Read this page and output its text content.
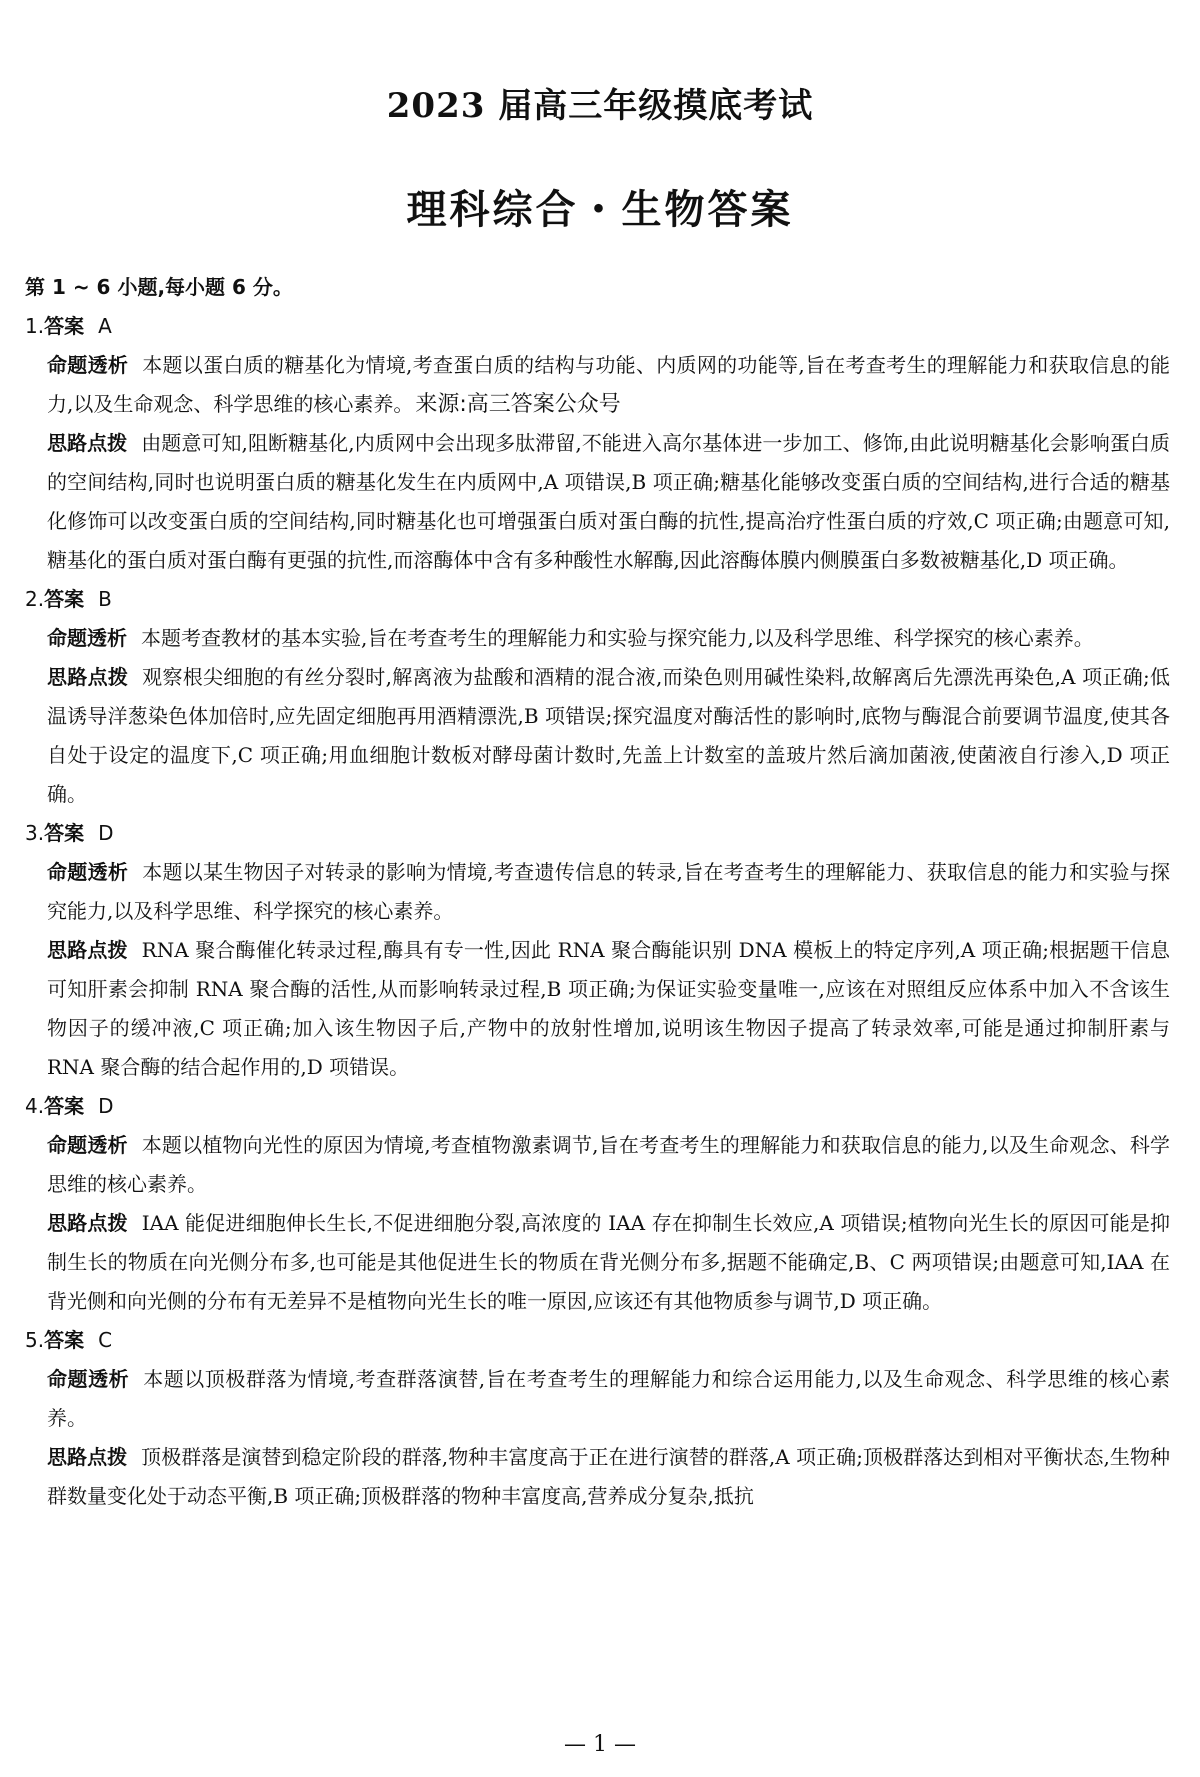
2023 届高三年级摸底考试
理科综合・生物答案
第 1 ~ 6 小题,每小题 6 分。
1.答案 A
命题透析 本题以蛋白质的糖基化为情境,考查蛋白质的结构与功能、内质网的功能等,旨在考查考生的理解能力和获取信息的能力,以及生命观念、科学思维的核心素养。来源:高三答案公众号
思路点拨 由题意可知,阻断糖基化,内质网中会出现多肽滞留,不能进入高尔基体进一步加工、修饰,由此说明糖基化会影响蛋白质的空间结构,同时也说明蛋白质的糖基化发生在内质网中,A 项错误,B 项正确;糖基化能够改变蛋白质的空间结构,进行合适的糖基化修饰可以改变蛋白质的空间结构,同时糖基化也可增强蛋白质对蛋白酶的抗性,提高治疗性蛋白质的疗效,C 项正确;由题意可知,糖基化的蛋白质对蛋白酶有更强的抗性,而溶酶体中含有多种酸性水解酶,因此溶酶体膜内侧膜蛋白多数被糖基化,D 项正确。
2.答案 B
命题透析 本题考查教材的基本实验,旨在考查考生的理解能力和实验与探究能力,以及科学思维、科学探究的核心素养。
思路点拨 观察根尖细胞的有丝分裂时,解离液为盐酸和酒精的混合液,而染色则用碱性染料,故解离后先漂洗再染色,A 项正确;低温诱导洋葱染色体加倍时,应先固定细胞再用酒精漂洗,B 项错误;探究温度对酶活性的影响时,底物与酶混合前要调节温度,使其各自处于设定的温度下,C 项正确;用血细胞计数板对酵母菌计数时,先盖上计数室的盖玻片然后滴加菌液,使菌液自行渗入,D 项正确。
3.答案 D
命题透析 本题以某生物因子对转录的影响为情境,考查遗传信息的转录,旨在考查考生的理解能力、获取信息的能力和实验与探究能力,以及科学思维、科学探究的核心素养。
思路点拨 RNA 聚合酶催化转录过程,酶具有专一性,因此 RNA 聚合酶能识别 DNA 模板上的特定序列,A 项正确;根据题干信息可知肝素会抑制 RNA 聚合酶的活性,从而影响转录过程,B 项正确;为保证实验变量唯一,应该在对照组反应体系中加入不含该生物因子的缓冲液,C 项正确;加入该生物因子后,产物中的放射性增加,说明该生物因子提高了转录效率,可能是通过抑制肝素与 RNA 聚合酶的结合起作用的,D 项错误。
4.答案 D
命题透析 本题以植物向光性的原因为情境,考查植物激素调节,旨在考查考生的理解能力和获取信息的能力,以及生命观念、科学思维的核心素养。
思路点拨 IAA 能促进细胞伸长生长,不促进细胞分裂,高浓度的 IAA 存在抑制生长效应,A 项错误;植物向光生长的原因可能是抑制生长的物质在向光侧分布多,也可能是其他促进生长的物质在背光侧分布多,据题不能确定,B、C 两项错误;由题意可知,IAA 在背光侧和向光侧的分布有无差异不是植物向光生长的唯一原因,应该还有其他物质参与调节,D 项正确。
5.答案 C
命题透析 本题以顶极群落为情境,考查群落演替,旨在考查考生的理解能力和综合运用能力,以及生命观念、科学思维的核心素养。
思路点拨 顶极群落是演替到稳定阶段的群落,物种丰富度高于正在进行演替的群落,A 项正确;顶极群落达到相对平衡状态,生物种群数量变化处于动态平衡,B 项正确;顶极群落的物种丰富度高,营养成分复杂,抵抗
— 1 —
